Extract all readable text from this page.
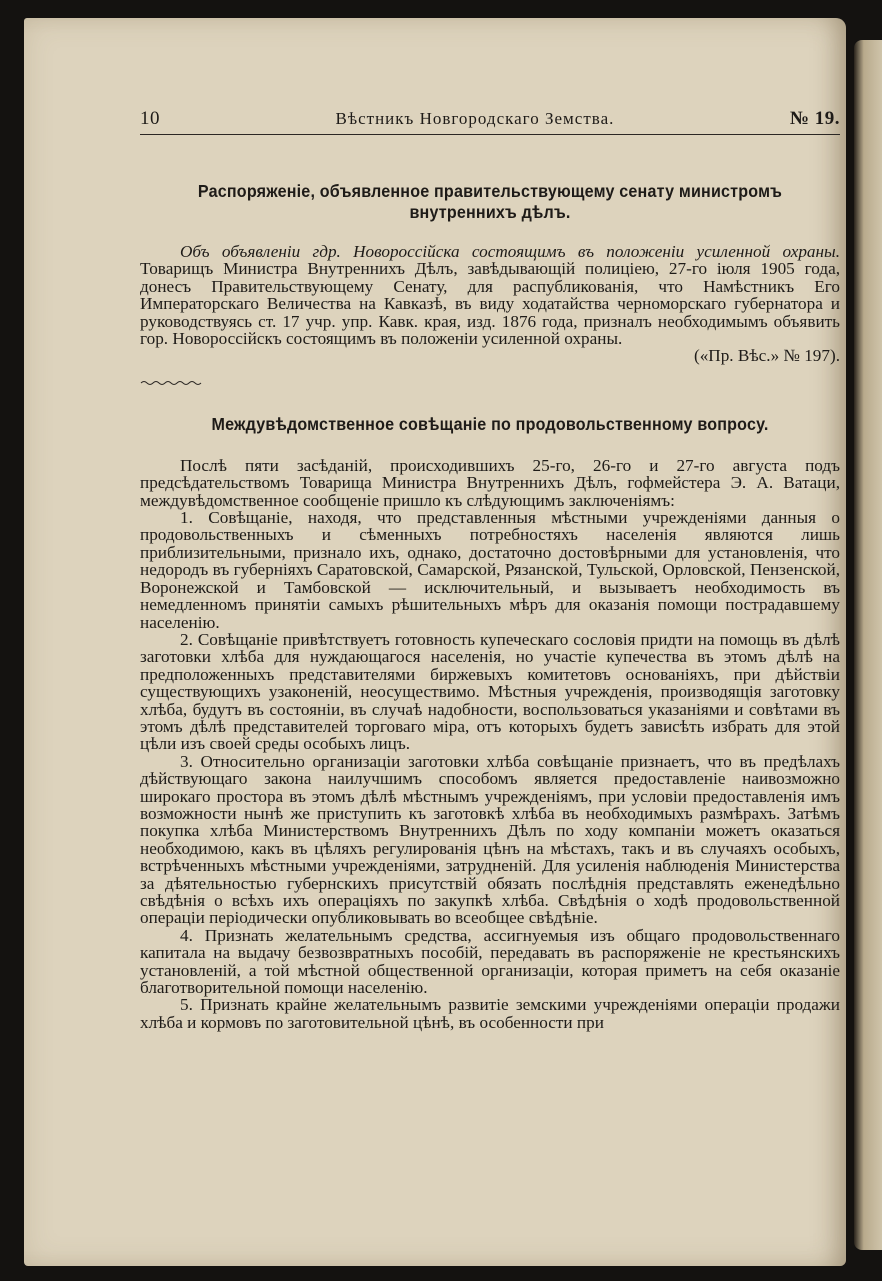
10	Вѣстникъ Новгородскаго Земства.	№ 19.
Распоряженіе, объявленное правительствующему сенату министромъ внутреннихъ дѣлъ.

Объ объявленіи гдр. Новороссійска состоящимъ въ положеніи усиленной охраны. Товарищъ Министра Внутреннихъ Дѣлъ, завѣдывающій полиціею, 27-го іюля 1905 года, донесъ Правительствующему Сенату, для распубликованія, что Намѣстникъ Его Императорскаго Величества на Кавказѣ, въ виду ходатайства черноморскаго губернатора и руководствуясь ст. 17 учр. упр. Кавк. края, изд. 1876 года, призналъ необходимымъ объявить гор. Новороссійскъ состоящимъ въ положеніи усиленной охраны.

(«Пр. Вѣс.» № 197).
Междувѣдомственное совѣщаніе по продовольственному вопросу.

Послѣ пяти засѣданій, происходившихъ 25-го, 26-го и 27-го августа подъ предсѣдательствомъ Товарища Министра Внутреннихъ Дѣлъ, гофмейстера Э. А. Ватаци, междувѣдомственное сообщеніе пришло къ слѣдующимъ заключеніямъ:

1. Совѣщаніе, находя, что представленныя мѣстными учрежденіями данныя о продовольственныхъ и сѣменныхъ потребностяхъ населенія являются лишь приблизительными, признало ихъ, однако, достаточно достовѣрными для установленія, что недородъ въ губерніяхъ Саратовской, Самарской, Рязанской, Тульской, Орловской, Пензенской, Воронежской и Тамбовской — исключительный, и вызываетъ необходимость въ немедленномъ принятіи самыхъ рѣшительныхъ мѣръ для оказанія помощи пострадавшему населенію.

2. Совѣщаніе привѣтствуетъ готовность купеческаго сословія придти на помощь въ дѣлѣ заготовки хлѣба для нуждающагося населенія, но участіе купечества въ этомъ дѣлѣ на предположенныхъ представителями биржевыхъ комитетовъ основаніяхъ, при дѣйствіи существующихъ узаконеній, неосуществимо. Мѣстныя учрежденія, производящія заготовку хлѣба, будутъ въ состояніи, въ случаѣ надобности, воспользоваться указаніями и совѣтами въ этомъ дѣлѣ представителей торговаго міра, отъ которыхъ будетъ зависѣть избрать для этой цѣли изъ своей среды особыхъ лицъ.

3. Относительно организаціи заготовки хлѣба совѣщаніе признаетъ, что въ предѣлахъ дѣйствующаго закона наилучшимъ способомъ является предоставленіе наивозможно широкаго простора въ этомъ дѣлѣ мѣстнымъ учрежденіямъ, при условіи предоставленія имъ возможности нынѣ же приступить къ заготовкѣ хлѣба въ необходимыхъ размѣрахъ. Затѣмъ покупка хлѣба Министерствомъ Внутреннихъ Дѣлъ по ходу компаніи можетъ оказаться необходимою, какъ въ цѣляхъ регулированія цѣнъ на мѣстахъ, такъ и въ случаяхъ особыхъ, встрѣченныхъ мѣстными учрежденіями, затрудненій. Для усиленія наблюденія Министерства за дѣятельностью губернскихъ присутствій обязать послѣднія представлять еженедѣльно свѣдѣнія о всѣхъ ихъ операціяхъ по закупкѣ хлѣба. Свѣдѣнія о ходѣ продовольственной операціи періодически опубликовывать во всеобщее свѣдѣніе.

4. Признать желательнымъ средства, ассигнуемыя изъ общаго продовольственнаго капитала на выдачу безвозвратныхъ пособій, передавать въ распоряженіе не крестьянскихъ установленій, а той мѣстной общественной организаціи, которая приметъ на себя оказаніе благотворительной помощи населенію.

5. Признать крайне желательнымъ развитіе земскими учрежденіями операціи продажи хлѣба и кормовъ по заготовительной цѣнѣ, въ особенности при
